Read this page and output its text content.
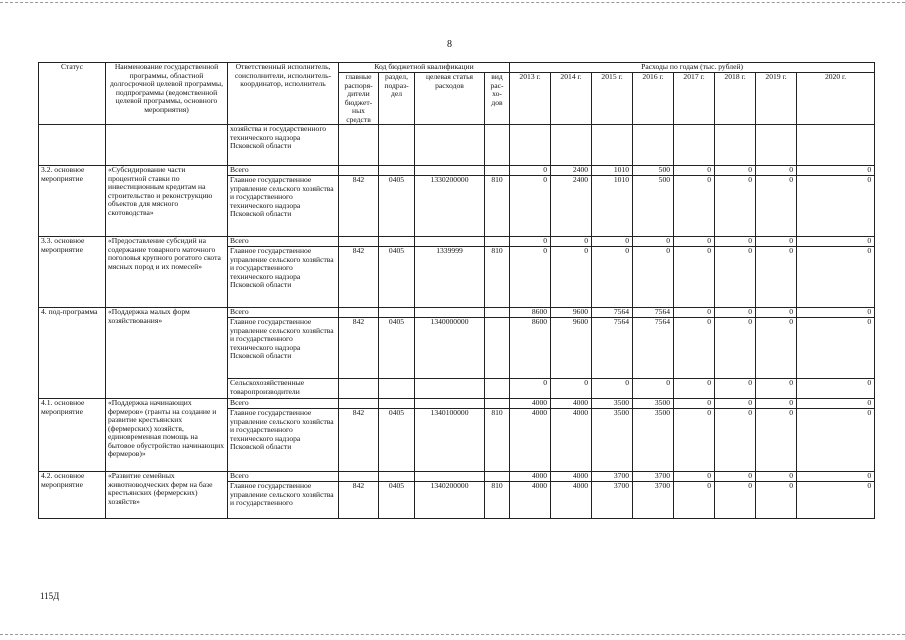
8
Статус	Наименование государственной программы, областной долгосрочной целевой программы, подпрограммы (ведомственной целевой программы, основного мероприятия)	Ответственный исполнитель, соисполнители, исполнитель-координатор, исполнитель	Код бюджетной квалификации				Расходы по годам (тыс. рублей)							
			главные распоря-дители бюджет-ных средств	раздел, подраз-дел	целевая статья расходов	вид рас-хо-дов	2013 г.	2014 г.	2015 г.	2016 г.	2017 г.	2018 г.	2019 г.	2020 г.
		хозяйства и государственного технического надзора Псковской области												
3.2. основное мероприятие	«Субсидирование части процентной ставки по инвестиционным кредитам на строительство и реконструкцию объектов для мясного скотоводства»	Всего					0	2400	1010	500	0	0	0	0
		Главное государственное управление сельского хозяйства и государственного технического надзора Псковской области	842	0405	1330200000	810	0	2400	1010	500	0	0	0	0
3.3. основное мероприятие	«Предоставление субсидий на содержание товарного маточного поголовья крупного рогатого скота мясных пород и их помесей»	Всего					0	0	0	0	0	0	0	0
		Главное государственное управление сельского хозяйства и государственного технического надзора Псковской области	842	0405	1339999	810	0	0	0	0	0	0	0	0
4. под-программа	«Поддержка малых форм хозяйствования»	Всего					8600	9600	7564	7564	0	0	0	0
		Главное государственное управление сельского хозяйства и государственного технического надзора Псковской области	842	0405	1340000000		8600	9600	7564	7564	0	0	0	0
		Сельскохозяйственные товаропроизводители					0	0	0	0	0	0	0	0
4.1. основное мероприятие	«Поддержка начинающих фермеров» (гранты на создание и развитие крестьянских (фермерских) хозяйств, единовременная помощь на бытовое обустройство начинающих фермеров)»	Всего					4000	4000	3500	3500	0	0	0	0
		Главное государственное управление сельского хозяйства и государственного технического надзора Псковской области	842	0405	1340100000	810	4000	4000	3500	3500	0	0	0	0
4.2. основное мероприятие	«Развитие семейных животноводческих ферм на базе крестьянских (фермерских) хозяйств»	Всего					4000	4000	3700	3700	0	0	0	0
		Главное государственное управление сельского хозяйства и государственного	842	0405	1340200000	810	4000	4000	3700	3700	0	0	0	0
115Д
